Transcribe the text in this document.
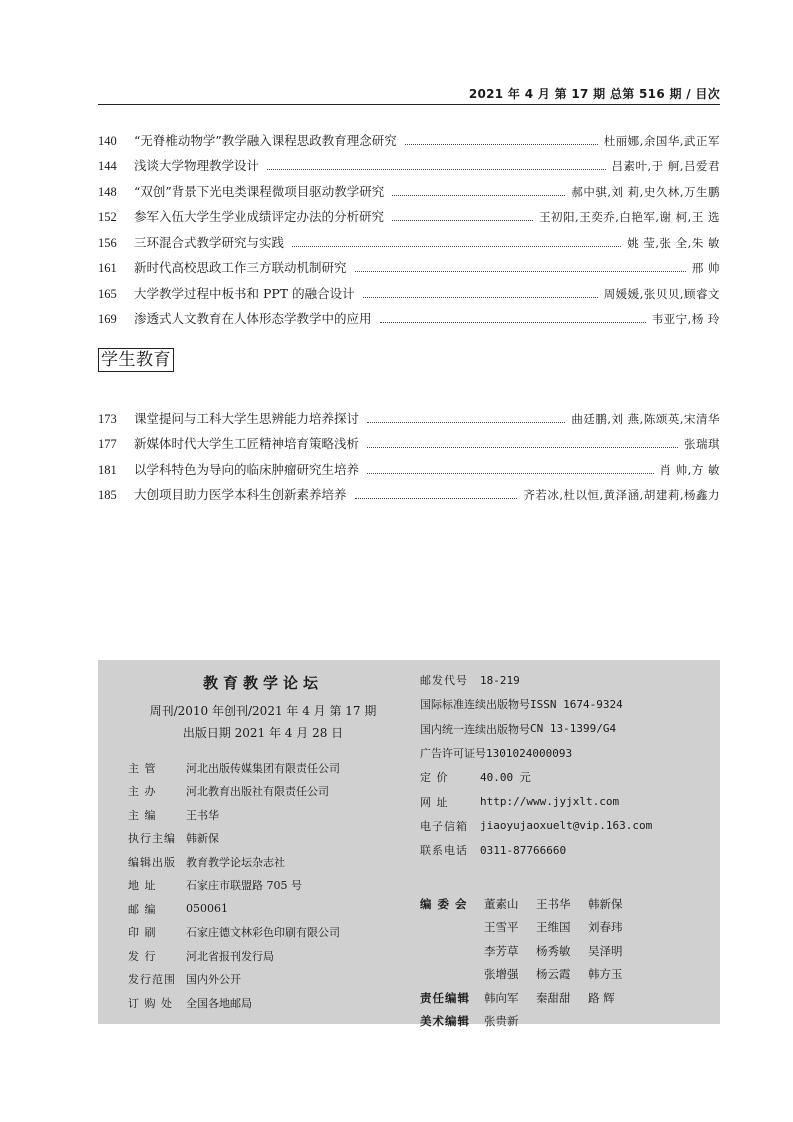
2021 年 4 月 第 17 期 总第 516 期 / 目次
140	“无脊椎动物学”教学融入课程思政教育理念研究	杜丽娜,余国华,武正军
144	浅谈大学物理教学设计	吕素叶,于 舸,吕爱君
148	“双创”背景下光电类课程微项目驱动教学研究	郝中骐,刘 莉,史久林,万生鹏
152	参军入伍大学生学业成绩评定办法的分析研究	王初阳,王奕乔,白艳军,谢 柯,王 选
156	三环混合式教学研究与实践	姚 莹,张 全,朱 敏
161	新时代高校思政工作三方联动机制研究	邢 帅
165	大学教学过程中板书和 PPT 的融合设计	周媛媛,张贝贝,顾睿文
169	渗透式人文教育在人体形态学教学中的应用	韦亚宁,杨 玲
学生教育
173	课堂提问与工科大学生思辨能力培养探讨	曲廷鹏,刘 燕,陈颂英,宋清华
177	新媒体时代大学生工匠精神培育策略浅析	张瑞琪
181	以学科特色为导向的临床肿瘤研究生培养	肖 帅,方 敏
185	大创项目助力医学本科生创新素养培养	齐若冰,杜以恒,黄泽涵,胡建莉,杨鑫力
教育教学论坛
周刊/2010 年创刊/2021 年 4 月 第 17 期
出版日期 2021 年 4 月 28 日
主 管	河北出版传媒集团有限责任公司
主 办	河北教育出版社有限责任公司
主 编	王书华
执行主编 韩新保
编辑出版 教育教学论坛杂志社
地 址	石家庄市联盟路 705 号
邮 编	050061
印 刷	石家庄德文林彩色印刷有限公司
发 行	河北省报刊发行局
发行范围 国内外公开
订 购 处	全国各地邮局
邮发代号	18-219
国际标准连续出版物号 ISSN 1674-9324
国内统一连续出版物号 CN 13-1399/G4
广告许可证号 1301024000093
定 价	40.00 元
网 址	http://www.jyjxlt.com
电子信箱	jiaoyujaoxuelt@vip.163.com
联系电话	0311-87766660
编 委 会	董素山 王书华 韩新保
王雪平 王维国 刘春玮
李芳草 杨秀敏 吴泽明
张增强 杨云霞 韩方玉
责任编辑	韩向军 秦甜甜 路 辉
美术编辑	张贵新
